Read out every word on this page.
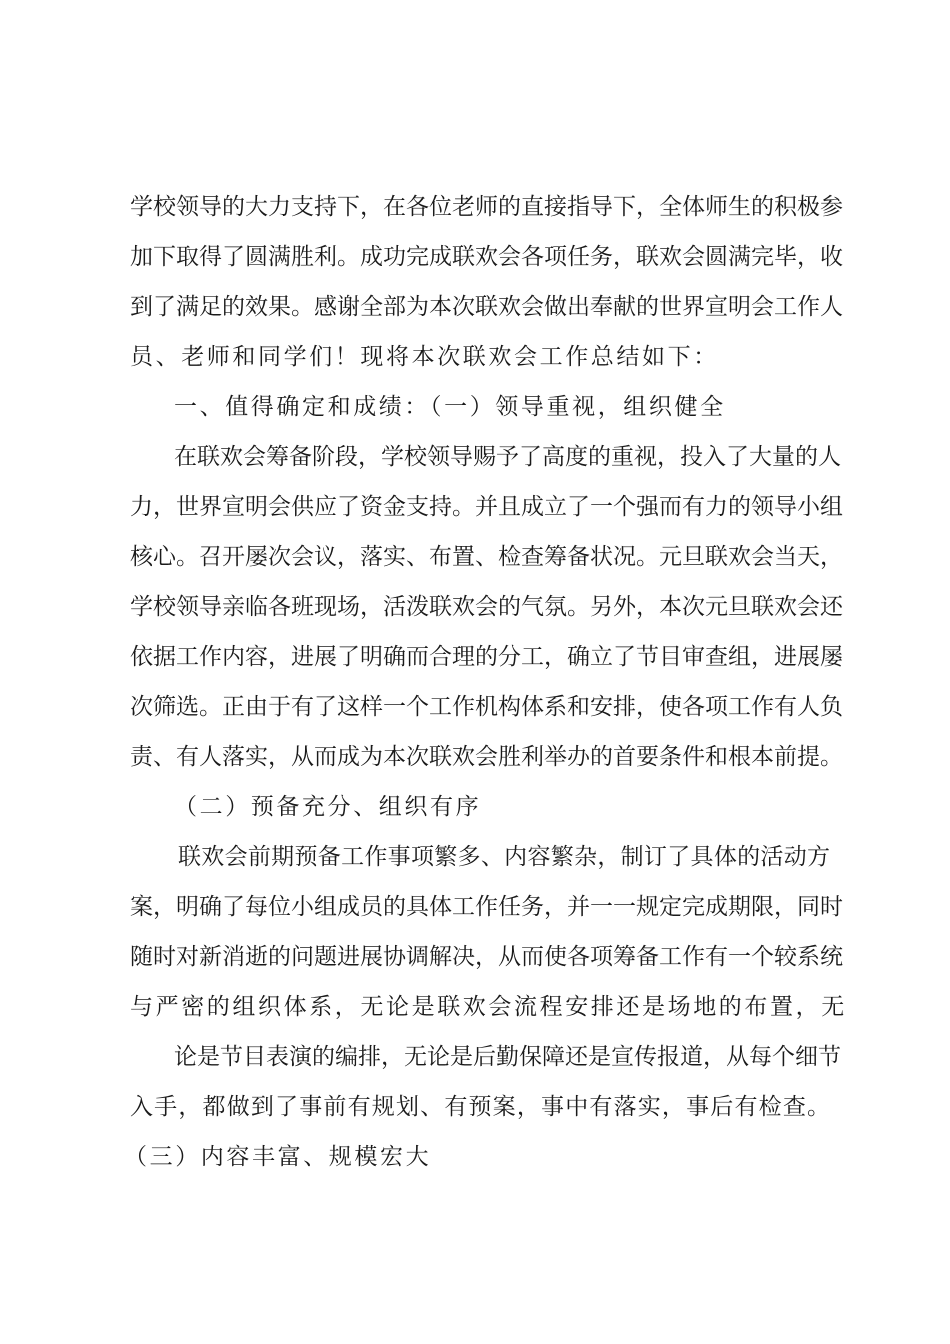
学校领导的大力支持下，在各位老师的直接指导下，全体师生的积极参
加下取得了圆满胜利。成功完成联欢会各项任务，联欢会圆满完毕，收
到了满足的效果。感谢全部为本次联欢会做出奉献的世界宣明会工作人
员、老师和同学们！现将本次联欢会工作总结如下：
一、值得确定和成绩：（一）领导重视，组织健全
在联欢会筹备阶段，学校领导赐予了高度的重视，投入了大量的人
力，世界宣明会供应了资金支持。并且成立了一个强而有力的领导小组
核心。召开屡次会议，落实、布置、检查筹备状况。元旦联欢会当天，
学校领导亲临各班现场，活泼联欢会的气氛。另外，本次元旦联欢会还
依据工作内容，进展了明确而合理的分工，确立了节目审查组，进展屡
次筛选。正由于有了这样一个工作机构体系和安排，使各项工作有人负
责、有人落实，从而成为本次联欢会胜利举办的首要条件和根本前提。
（二）预备充分、组织有序
联欢会前期预备工作事项繁多、内容繁杂，制订了具体的活动方
案，明确了每位小组成员的具体工作任务，并一一规定完成期限，同时
随时对新消逝的问题进展协调解决，从而使各项筹备工作有一个较系统
与严密的组织体系，无论是联欢会流程安排还是场地的布置，无
论是节目表演的编排，无论是后勤保障还是宣传报道，从每个细节
入手，都做到了事前有规划、有预案，事中有落实，事后有检查。
（三）内容丰富、规模宏大
